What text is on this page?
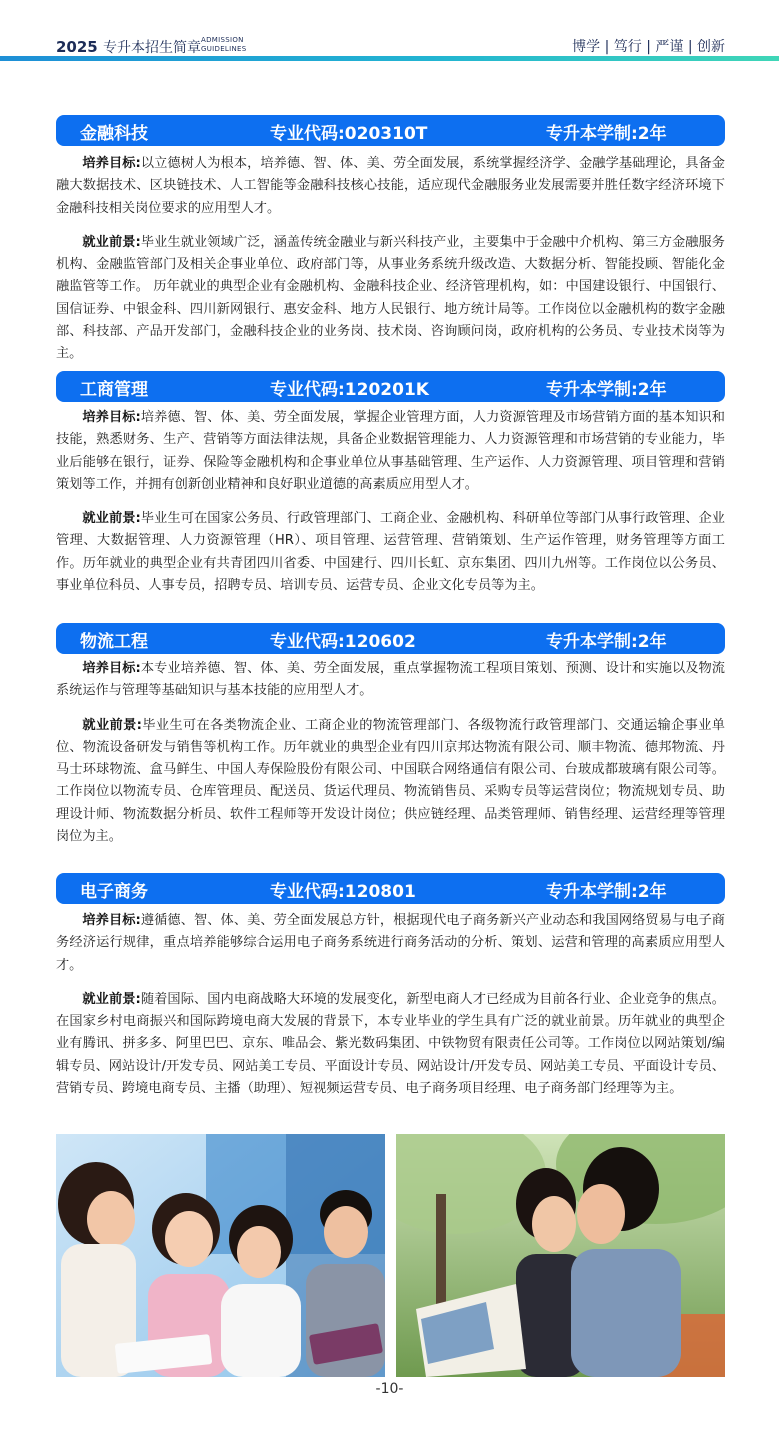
2025 专升本招生简章 ADMISSION
GUIDELINES	博学 | 笃行 | 严谨 | 创新
金融科技	专业代码:020310T	专升本学制:2年

培养目标:以立德树人为根本，培养德、智、体、美、劳全面发展，系统掌握经济学、金融学基础理论，具备金融大数据技术、区块链技术、人工智能等金融科技核心技能，适应现代金融服务业发展需要并胜任数字经济环境下金融科技相关岗位要求的应用型人才。

就业前景:毕业生就业领域广泛，涵盖传统金融业与新兴科技产业，主要集中于金融中介机构、第三方金融服务机构、金融监管部门及相关企事业单位、政府部门等，从事业务系统升级改造、大数据分析、智能投顾、智能化金融监管等工作。 历年就业的典型企业有金融机构、金融科技企业、经济管理机构，如：中国建设银行、中国银行、国信证券、中银金科、四川新网银行、惠安金科、地方人民银行、地方统计局等。工作岗位以金融机构的数字金融部、科技部、产品开发部门，金融科技企业的业务岗、技术岗、咨询顾问岗，政府机构的公务员、专业技术岗等为主。

工商管理	专业代码:120201K	专升本学制:2年

培养目标:培养德、智、体、美、劳全面发展，掌握企业管理方面，人力资源管理及市场营销方面的基本知识和技能，熟悉财务、生产、营销等方面法律法规，具备企业数据管理能力、人力资源管理和市场营销的专业能力，毕业后能够在银行，证券、保险等金融机构和企事业单位从事基础管理、生产运作、人力资源管理、项目管理和营销策划等工作，并拥有创新创业精神和良好职业道德的高素质应用型人才。

就业前景:毕业生可在国家公务员、行政管理部门、工商企业、金融机构、科研单位等部门从事行政管理、企业管理、大数据管理、人力资源管理（HR）、项目管理、运营管理、营销策划、生产运作管理，财务管理等方面工作。历年就业的典型企业有共青团四川省委、中国建行、四川长虹、京东集团、四川九州等。工作岗位以公务员、事业单位科员、人事专员，招聘专员、培训专员、运营专员、企业文化专员等为主。

物流工程	专业代码:120602	专升本学制:2年

培养目标:本专业培养德、智、体、美、劳全面发展，重点掌握物流工程项目策划、预测、设计和实施以及物流系统运作与管理等基础知识与基本技能的应用型人才。

就业前景:毕业生可在各类物流企业、工商企业的物流管理部门、各级物流行政管理部门、交通运输企事业单位、物流设备研发与销售等机构工作。历年就业的典型企业有四川京邦达物流有限公司、顺丰物流、德邦物流、丹马士环球物流、盒马鲜生、中国人寿保险股份有限公司、中国联合网络通信有限公司、台玻成都玻璃有限公司等。工作岗位以物流专员、仓库管理员、配送员、货运代理员、物流销售员、采购专员等运营岗位；物流规划专员、助理设计师、物流数据分析员、软件工程师等开发设计岗位；供应链经理、品类管理师、销售经理、运营经理等管理岗位为主。

电子商务	专业代码:120801	专升本学制:2年

培养目标:遵循德、智、体、美、劳全面发展总方针，根据现代电子商务新兴产业动态和我国网络贸易与电子商务经济运行规律，重点培养能够综合运用电子商务系统进行商务活动的分析、策划、运营和管理的高素质应用型人才。

就业前景:随着国际、国内电商战略大环境的发展变化，新型电商人才已经成为目前各行业、企业竞争的焦点。在国家乡村电商振兴和国际跨境电商大发展的背景下，本专业毕业的学生具有广泛的就业前景。历年就业的典型企业有腾讯、拼多多、阿里巴巴、京东、唯品会、紫光数码集团、中铁物贸有限责任公司等。工作岗位以网站策划/编辑专员、网站设计/开发专员、网站美工专员、平面设计专员、网站设计/开发专员、网站美工专员、平面设计专员、营销专员、跨境电商专员、主播（助理）、短视频运营专员、电子商务项目经理、电子商务部门经理等为主。

-10-
